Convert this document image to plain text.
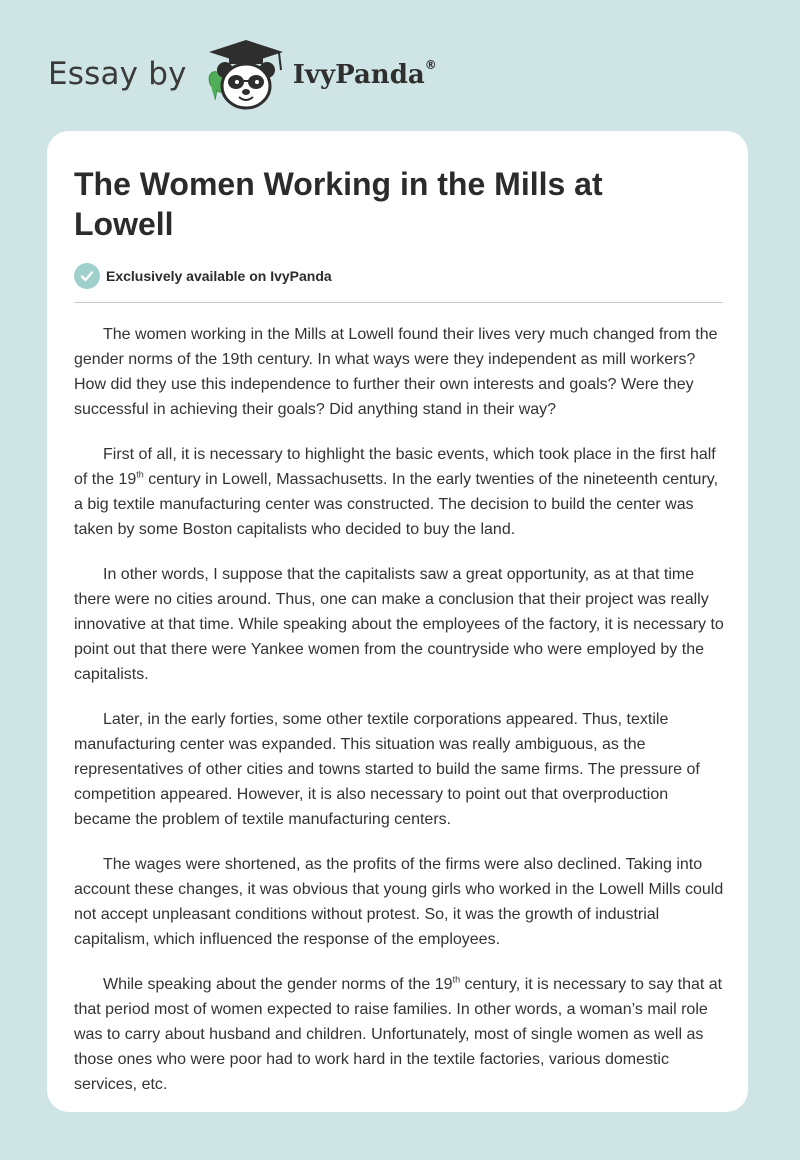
Essay by	IvyPanda®
The Women Working in the Mills at Lowell
Exclusively available on IvyPanda

The women working in the Mills at Lowell found their lives very much changed from the gender norms of the 19th century. In what ways were they independent as mill workers? How did they use this independence to further their own interests and goals? Were they successful in achieving their goals? Did anything stand in their way?

First of all, it is necessary to highlight the basic events, which took place in the first half of the 19th century in Lowell, Massachusetts. In the early twenties of the nineteenth century, a big textile manufacturing center was constructed. The decision to build the center was taken by some Boston capitalists who decided to buy the land.

In other words, I suppose that the capitalists saw a great opportunity, as at that time there were no cities around. Thus, one can make a conclusion that their project was really innovative at that time. While speaking about the employees of the factory, it is necessary to point out that there were Yankee women from the countryside who were employed by the capitalists.

Later, in the early forties, some other textile corporations appeared. Thus, textile manufacturing center was expanded. This situation was really ambiguous, as the representatives of other cities and towns started to build the same firms. The pressure of competition appeared. However, it is also necessary to point out that overproduction became the problem of textile manufacturing centers.

The wages were shortened, as the profits of the firms were also declined. Taking into account these changes, it was obvious that young girls who worked in the Lowell Mills could not accept unpleasant conditions without protest. So, it was the growth of industrial capitalism, which influenced the response of the employees.

While speaking about the gender norms of the 19th century, it is necessary to say that at that period most of women expected to raise families. In other words, a woman’s mail role was to carry about husband and children. Unfortunately, most of single women as well as those ones who were poor had to work hard in the textile factories, various domestic services, etc.
